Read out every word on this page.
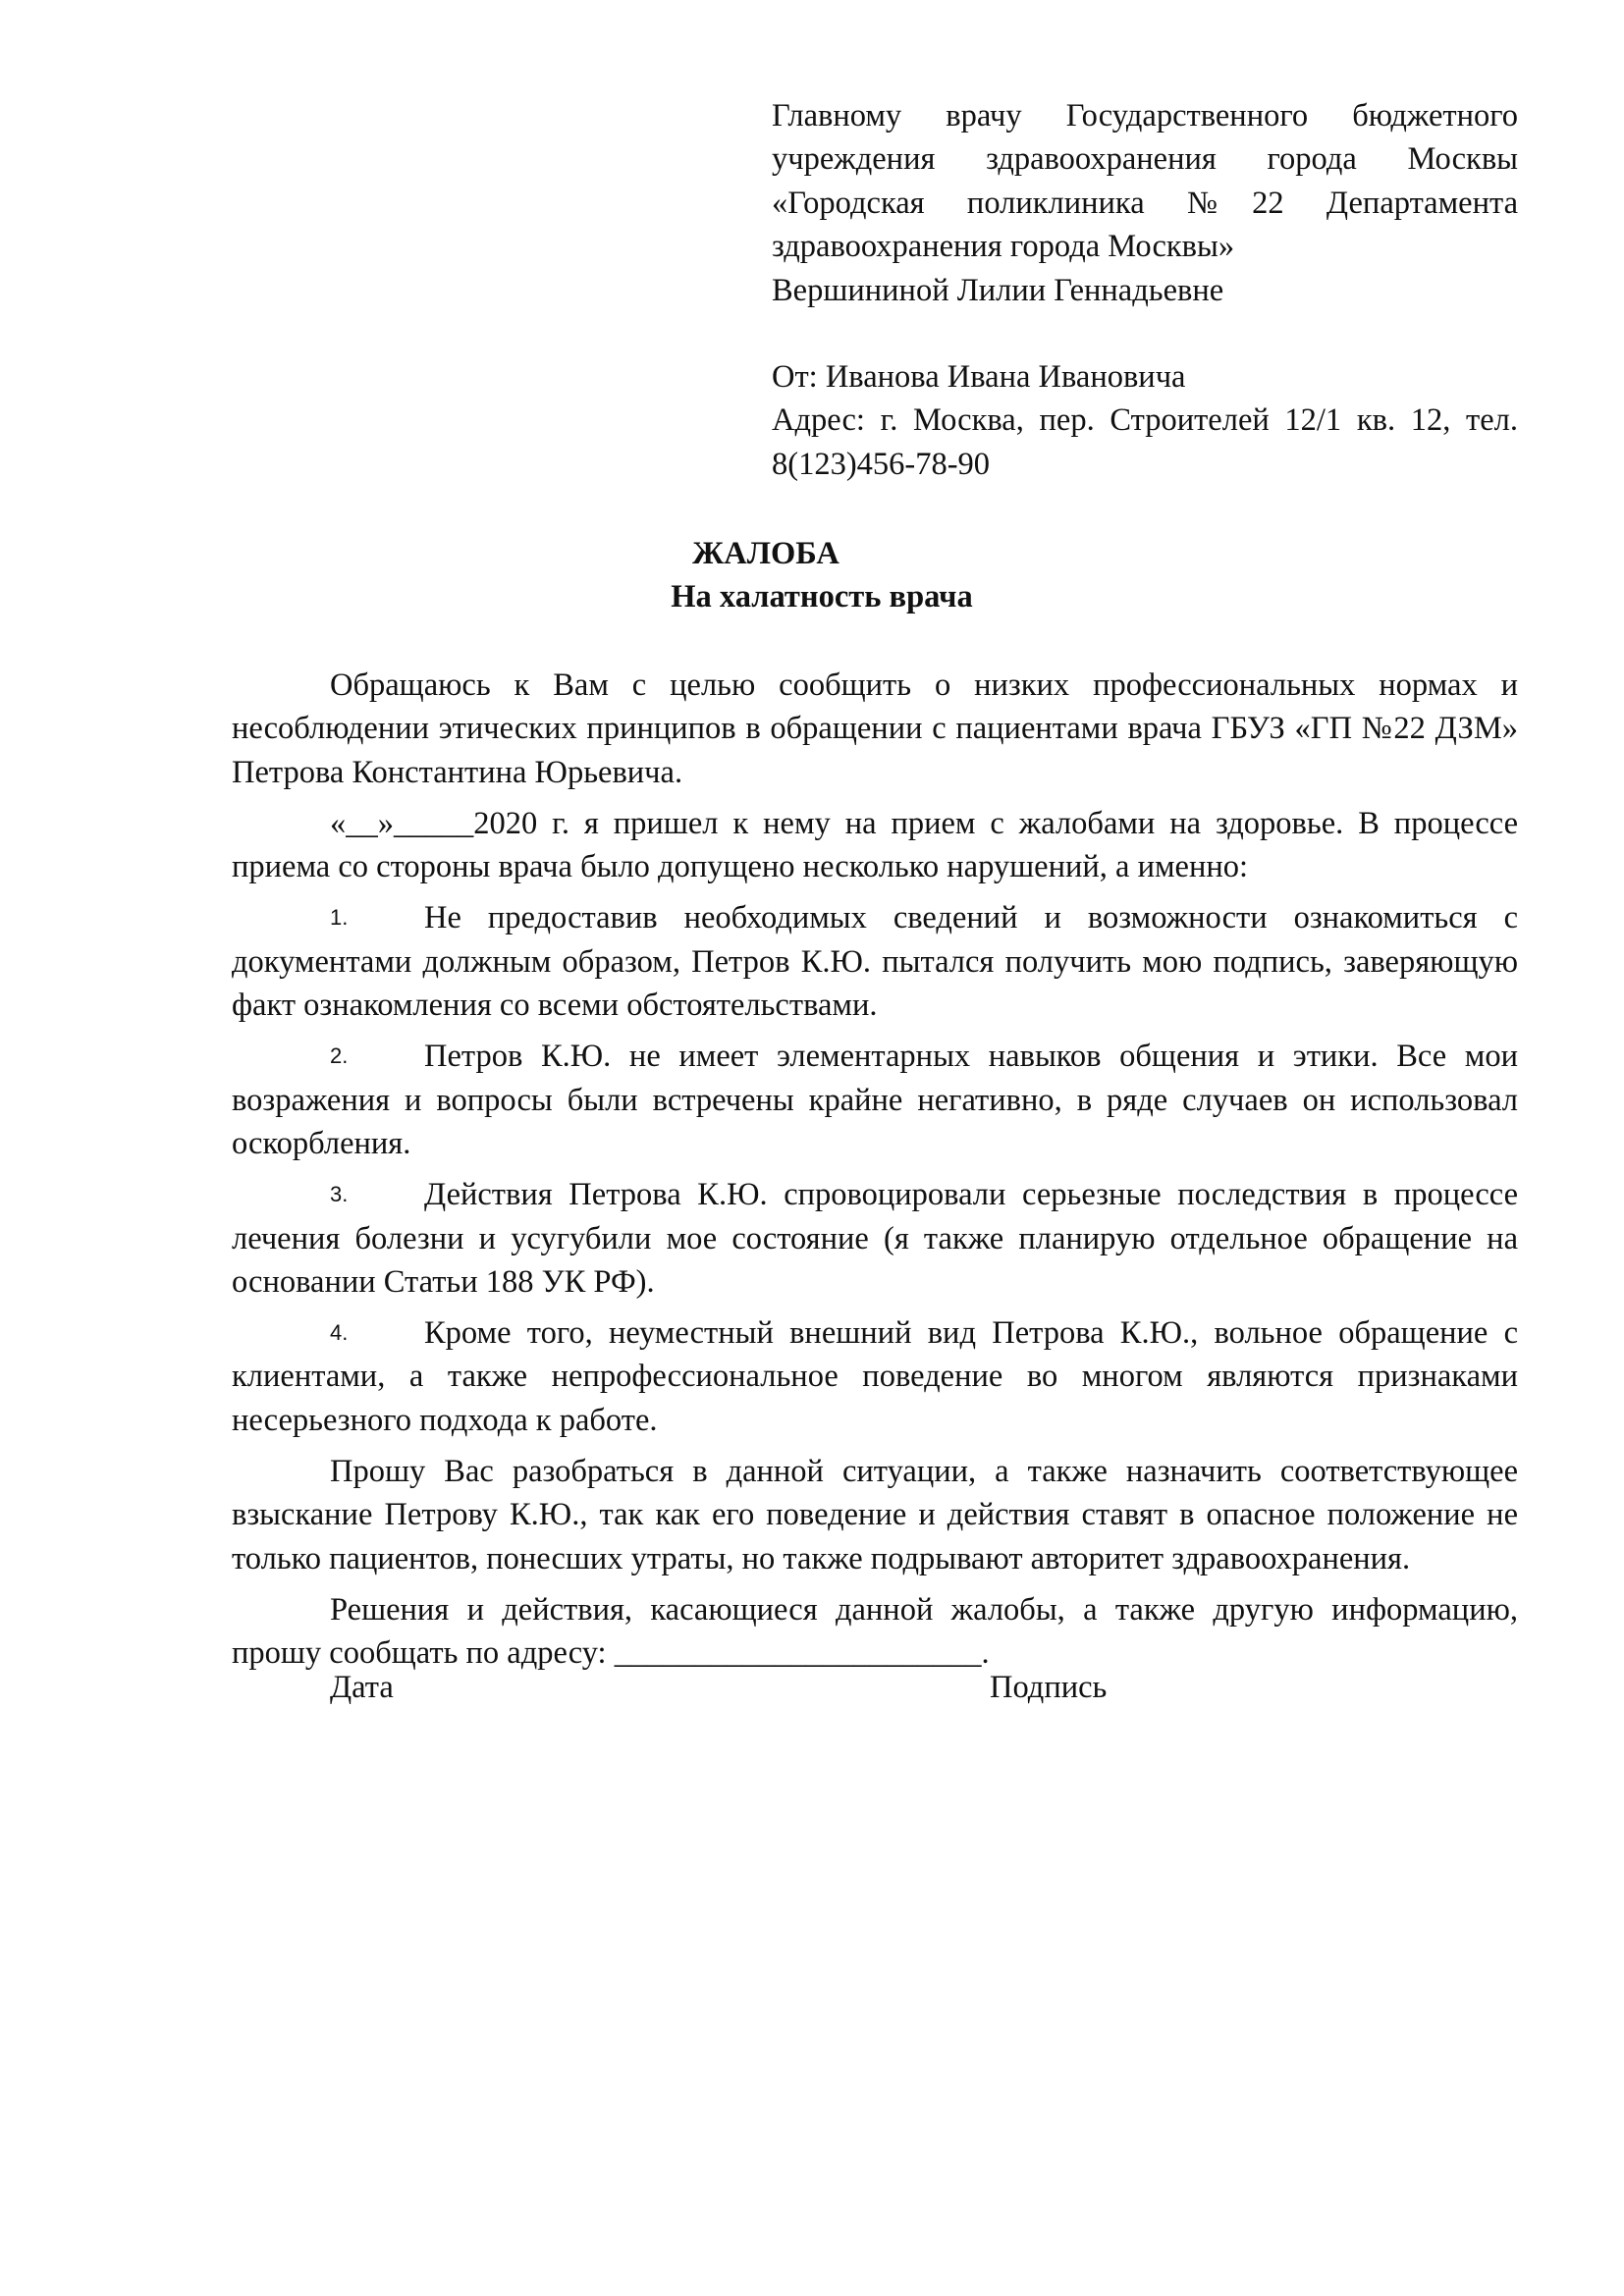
Главному врачу Государственного бюджетного
учреждения здравоохранения города Москвы
«Городская поликлиника №22 Департамента
здравоохранения города Москвы»
Вершининой Лилии Геннадьевне
От: Иванова Ивана Ивановича
Адрес: г. Москва, пер. Строителей 12/1 кв. 12, тел.
8(123)456-78-90
ЖАЛОБА
На халатность врача

Обращаюсь к Вам с целью сообщить о низких профессиональных нормах и несоблюдении этических принципов в обращении с пациентами врача ГБУЗ «ГП №22 ДЗМ» Петрова Константина Юрьевича.

«__»_____2020 г. я пришел к нему на прием с жалобами на здоровье. В процессе приема со стороны врача было допущено несколько нарушений, а именно:

1. Не предоставив необходимых сведений и возможности ознакомиться с документами должным образом, Петров К.Ю. пытался получить мою подпись, заверяющую факт ознакомления со всеми обстоятельствами.
2. Петров К.Ю. не имеет элементарных навыков общения и этики. Все мои возражения и вопросы были встречены крайне негативно, в ряде случаев он использовал оскорбления.
3. Действия Петрова К.Ю. спровоцировали серьезные последствия в процессе лечения болезни и усугубили мое состояние (я также планирую отдельное обращение на основании Статьи 188 УК РФ).
4. Кроме того, неуместный внешний вид Петрова К.Ю., вольное обращение с клиентами, а также непрофессиональное поведение во многом являются признаками несерьезного подхода к работе.

Прошу Вас разобраться в данной ситуации, а также назначить соответствующее взыскание Петрову К.Ю., так как его поведение и действия ставят в опасное положение не только пациентов, понесших утраты, но также подрывают авторитет здравоохранения.

Решения и действия, касающиеся данной жалобы, а также другую информацию, прошу сообщать по адресу: _______________________.

Дата	Подпись
